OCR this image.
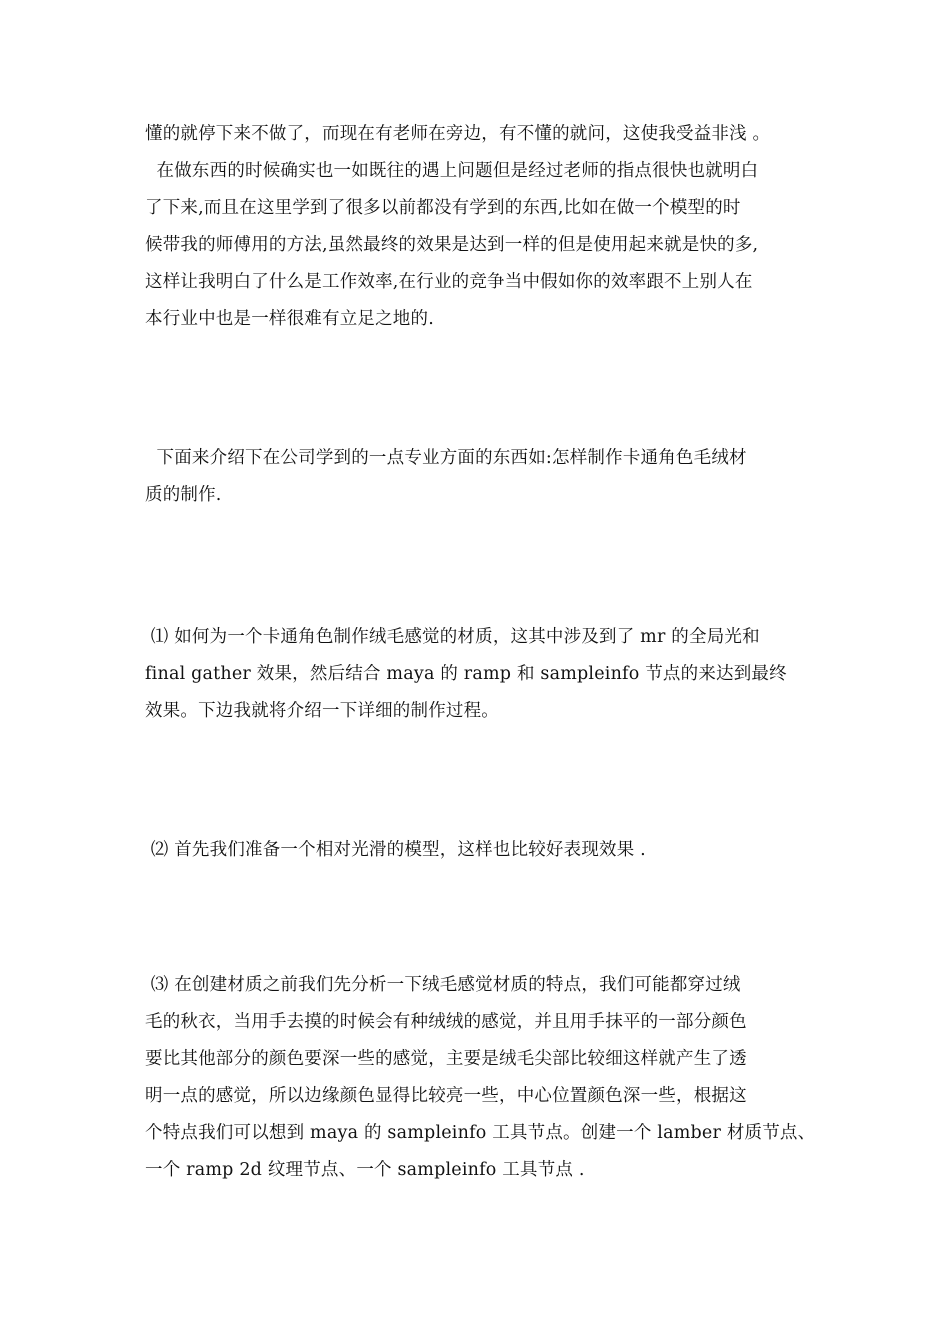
懂的就停下来不做了，而现在有老师在旁边，有不懂的就问，这使我受益非浅 。
在做东西的时候确实也一如既往的遇上问题但是经过老师的指点很快也就明白
了下来,而且在这里学到了很多以前都没有学到的东西,比如在做一个模型的时
候带我的师傅用的方法,虽然最终的效果是达到一样的但是使用起来就是快的多,
这样让我明白了什么是工作效率,在行业的竞争当中假如你的效率跟不上别人在
本行业中也是一样很难有立足之地的.

下面来介绍下在公司学到的一点专业方面的东西如:怎样制作卡通角色毛绒材
质的制作.

⑴ 如何为一个卡通角色制作绒毛感觉的材质，这其中涉及到了 mr 的全局光和
final gather 效果，然后结合 maya 的 ramp 和 sampleinfo 节点的来达到最终
效果。下边我就将介绍一下详细的制作过程。

⑵ 首先我们准备一个相对光滑的模型，这样也比较好表现效果 .

⑶ 在创建材质之前我们先分析一下绒毛感觉材质的特点，我们可能都穿过绒
毛的秋衣，当用手去摸的时候会有种绒绒的感觉，并且用手抹平的一部分颜色
要比其他部分的颜色要深一些的感觉，主要是绒毛尖部比较细这样就产生了透
明一点的感觉，所以边缘颜色显得比较亮一些，中心位置颜色深一些，根据这
个特点我们可以想到 maya 的 sampleinfo 工具节点。创建一个 lamber 材质节点、
一个 ramp 2d 纹理节点、一个 sampleinfo 工具节点 .
